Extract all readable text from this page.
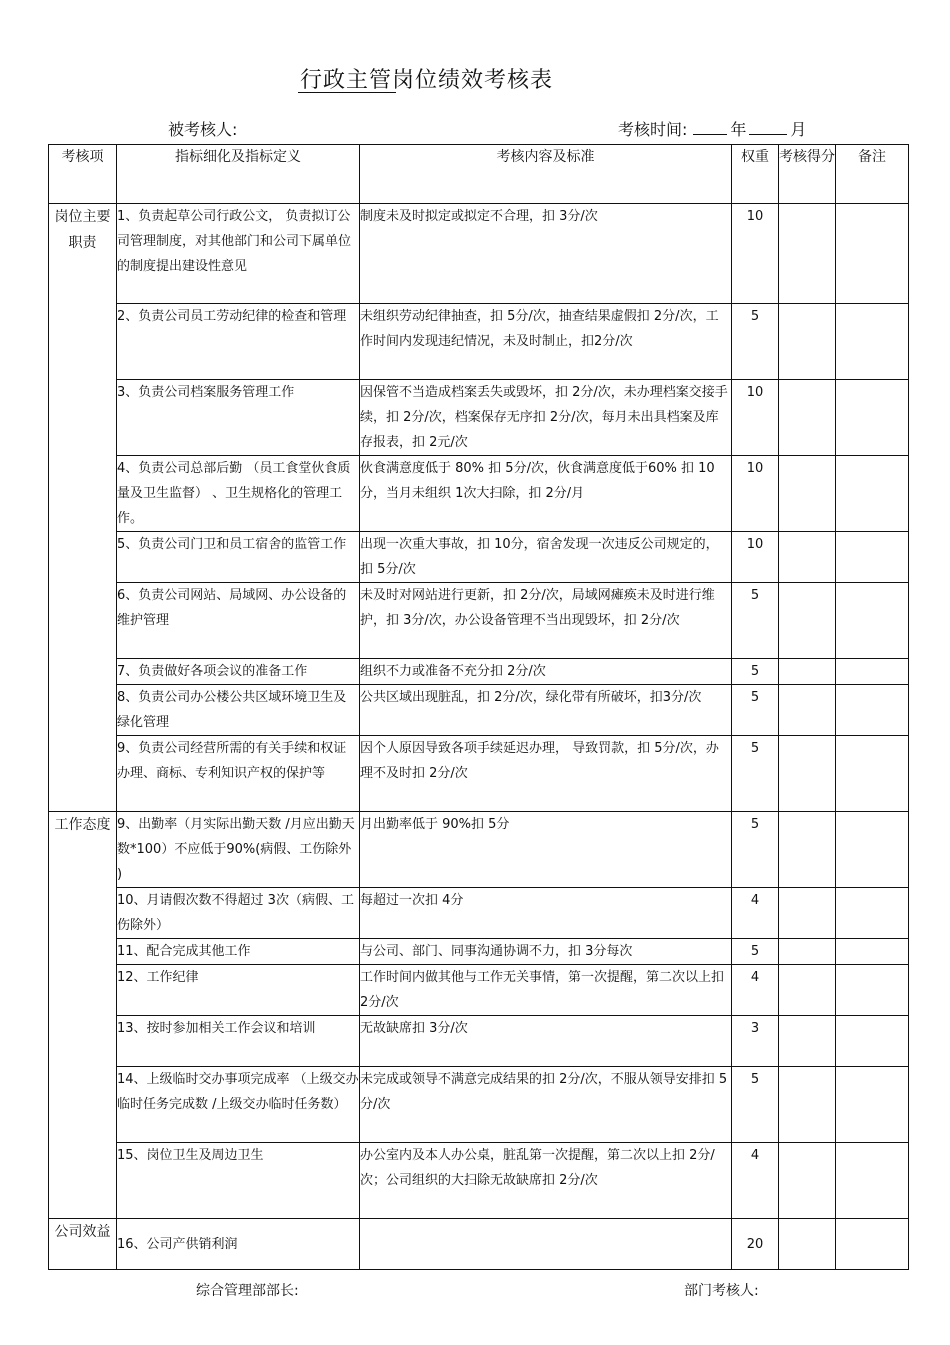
行政主管岗位绩效考核表
被考核人:	考核时间:	年	月
考核项	指标细化及指标定义	考核内容及标准	权重	考核得分	备注
岗位主要职责	1、负责起草公司行政公文， 负责拟订公司管理制度，对其他部门和公司下属单位的制度提出建设性意见	制度未及时拟定或拟定不合理，扣 3分/次	10		
	2、负责公司员工劳动纪律的检查和管理	未组织劳动纪律抽查，扣 5分/次，抽查结果虚假扣 2分/次，工作时间内发现违纪情况，未及时制止，扣2分/次	5		
	3、负责公司档案服务管理工作	因保管不当造成档案丢失或毁坏，扣 2分/次，未办理档案交接手续，扣 2分/次，档案保存无序扣 2分/次，每月未出具档案及库存报表，扣 2元/次	10		
	4、负责公司总部后勤 （员工食堂伙食质量及卫生监督） 、卫生规格化的管理工作。	伙食满意度低于 80% 扣 5分/次，伙食满意度低于60% 扣 10分，当月未组织 1次大扫除，扣 2分/月	10		
	5、负责公司门卫和员工宿舍的监管工作	出现一次重大事故，扣 10分，宿舍发现一次违反公司规定的，扣 5分/次	10		
	6、负责公司网站、局域网、办公设备的维护管理	未及时对网站进行更新，扣 2分/次，局域网瘫痪未及时进行维护，扣 3分/次，办公设备管理不当出现毁坏，扣 2分/次	5		
	7、负责做好各项会议的准备工作	组织不力或准备不充分扣 2分/次	5		
	8、负责公司办公楼公共区域环境卫生及绿化管理	公共区域出现脏乱，扣 2分/次，绿化带有所破坏，扣3分/次	5		
	9、负责公司经营所需的有关手续和权证办理、商标、专利知识产权的保护等	因个人原因导致各项手续延迟办理， 导致罚款，扣 5分/次，办理不及时扣 2分/次	5		
工作态度	9、出勤率（月实际出勤天数 /月应出勤天数*100）不应低于90%(病假、工伤除外 )	月出勤率低于 90%扣 5分	5		
	10、月请假次数不得超过 3次（病假、工伤除外）	每超过一次扣 4分	4		
	11、配合完成其他工作	与公司、部门、同事沟通协调不力，扣 3分每次	5		
	12、工作纪律	工作时间内做其他与工作无关事情，第一次提醒，第二次以上扣 2分/次	4		
	13、按时参加相关工作会议和培训	无故缺席扣 3分/次	3		
	14、上级临时交办事项完成率 （上级交办临时任务完成数 /上级交办临时任务数）	未完成或领导不满意完成结果的扣 2分/次，不服从领导安排扣 5分/次	5		
	15、岗位卫生及周边卫生	办公室内及本人办公桌，脏乱第一次提醒，第二次以上扣 2分/次；公司组织的大扫除无故缺席扣 2分/次	4		
公司效益	16、公司产供销利润		20		
综合管理部部长:	部门考核人:
